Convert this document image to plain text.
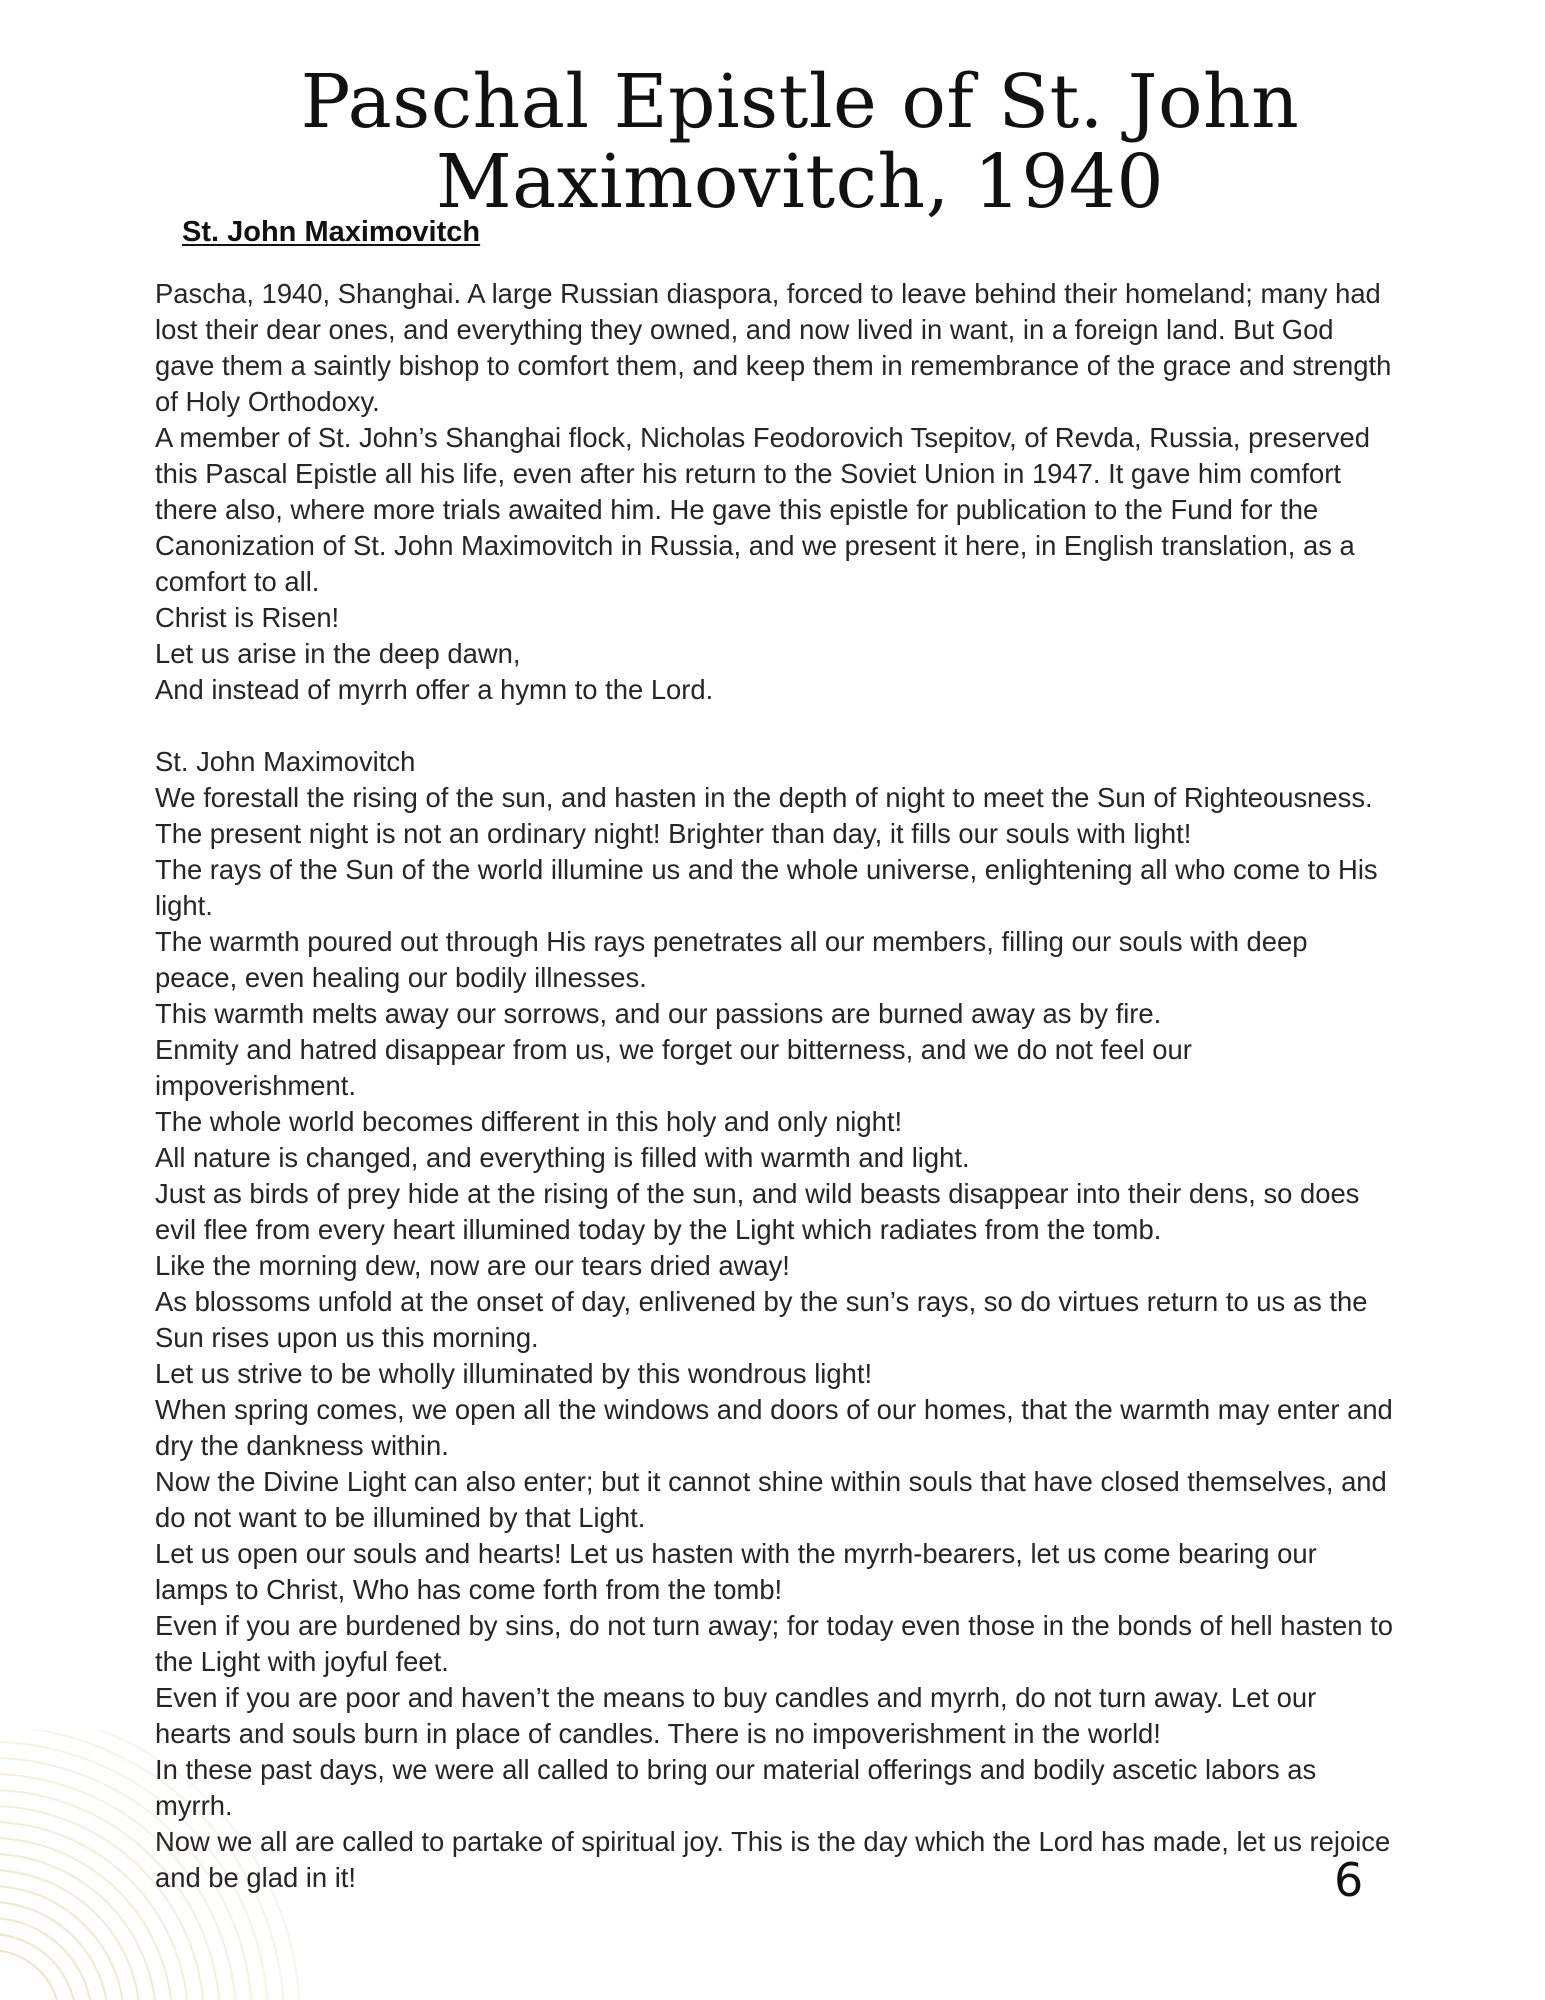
Paschal Epistle of St. John Maximovitch, 1940

St. John Maximovitch

Pascha, 1940, Shanghai. A large Russian diaspora, forced to leave behind their homeland; many had lost their dear ones, and everything they owned, and now lived in want, in a foreign land. But God gave them a saintly bishop to comfort them, and keep them in remembrance of the grace and strength of Holy Orthodoxy.

A member of St. John’s Shanghai flock, Nicholas Feodorovich Tsepitov, of Revda, Russia, preserved this Pascal Epistle all his life, even after his return to the Soviet Union in 1947. It gave him comfort there also, where more trials awaited him. He gave this epistle for publication to the Fund for the Canonization of St. John Maximovitch in Russia, and we present it here, in English translation, as a comfort to all.

Christ is Risen!

Let us arise in the deep dawn,

And instead of myrrh offer a hymn to the Lord.

St. John Maximovitch

We forestall the rising of the sun, and hasten in the depth of night to meet the Sun of Righteousness.

The present night is not an ordinary night! Brighter than day, it fills our souls with light!

The rays of the Sun of the world illumine us and the whole universe, enlightening all who come to His light.

The warmth poured out through His rays penetrates all our members, filling our souls with deep peace, even healing our bodily illnesses.

This warmth melts away our sorrows, and our passions are burned away as by fire.

Enmity and hatred disappear from us, we forget our bitterness, and we do not feel our impoverishment.

The whole world becomes different in this holy and only night!

All nature is changed, and everything is filled with warmth and light.

Just as birds of prey hide at the rising of the sun, and wild beasts disappear into their dens, so does evil flee from every heart illumined today by the Light which radiates from the tomb.

Like the morning dew, now are our tears dried away!

As blossoms unfold at the onset of day, enlivened by the sun’s rays, so do virtues return to us as the Sun rises upon us this morning.

Let us strive to be wholly illuminated by this wondrous light!

When spring comes, we open all the windows and doors of our homes, that the warmth may enter and dry the dankness within.

Now the Divine Light can also enter; but it cannot shine within souls that have closed themselves, and do not want to be illumined by that Light.

Let us open our souls and hearts! Let us hasten with the myrrh-bearers, let us come bearing our lamps to Christ, Who has come forth from the tomb!

Even if you are burdened by sins, do not turn away; for today even those in the bonds of hell hasten to the Light with joyful feet.

Even if you are poor and haven’t the means to buy candles and myrrh, do not turn away. Let our hearts and souls burn in place of candles. There is no impoverishment in the world!

In these past days, we were all called to bring our material offerings and bodily ascetic labors as myrrh.

Now we all are called to partake of spiritual joy. This is the day which the Lord has made, let us rejoice and be glad in it!	6
